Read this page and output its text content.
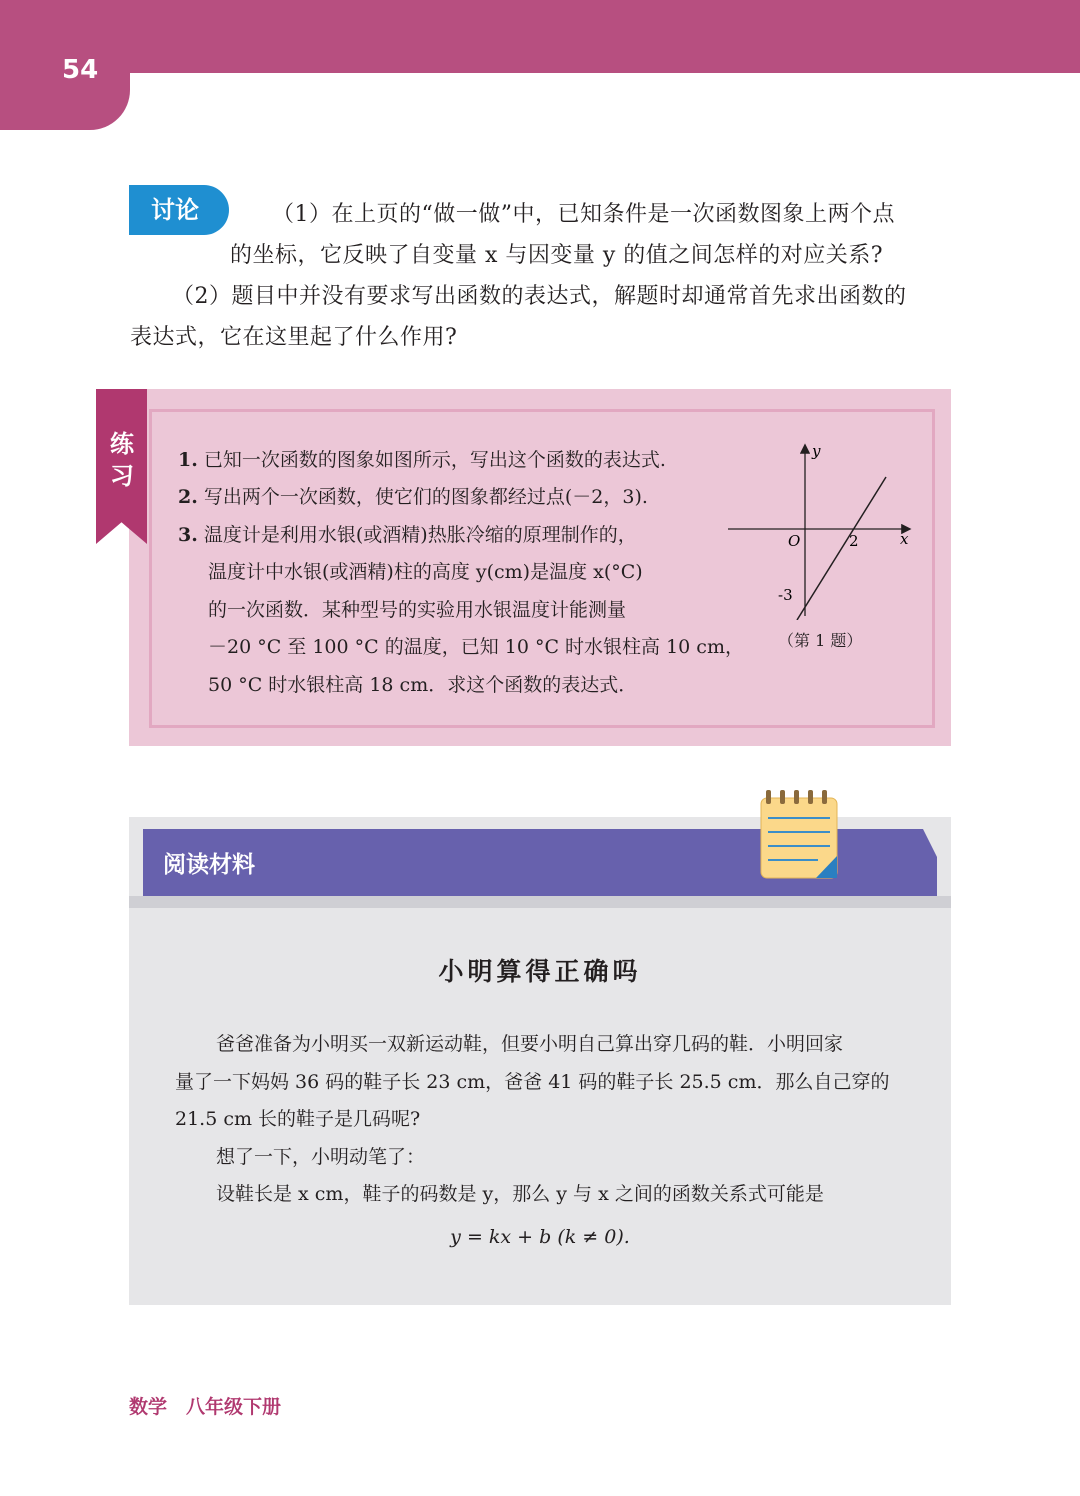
54
讨论	（1）在上页的“做一做”中，已知条件是一次函数图象上两个点
的坐标，它反映了自变量 x 与因变量 y 的值之间怎样的对应关系?
（2）题目中并没有要求写出函数的表达式，解题时却通常首先求出函数的
表达式，它在这里起了什么作用?
练习
1. 已知一次函数的图象如图所示，写出这个函数的表达式.
2. 写出两个一次函数，使它们的图象都经过点(－2，3).
3. 温度计是利用水银(或酒精)热胀冷缩的原理制作的，
温度计中水银(或酒精)柱的高度 y(cm)是温度 x(°C)
的一次函数．某种型号的实验用水银温度计能测量
－20 °C 至 100 °C 的温度，已知 10 °C 时水银柱高 10 cm，
50 °C 时水银柱高 18 cm．求这个函数的表达式．
y
x
O	2
-3
（第 1 题）
阅读材料
小明算得正确吗
爸爸准备为小明买一双新运动鞋，但要小明自己算出穿几码的鞋．小明回家
量了一下妈妈 36 码的鞋子长 23 cm，爸爸 41 码的鞋子长 25.5 cm．那么自己穿的
21.5 cm 长的鞋子是几码呢?
想了一下，小明动笔了：
设鞋长是 x cm，鞋子的码数是 y，那么 y 与 x 之间的函数关系式可能是
y = kx + b (k ≠ 0).
数学　八年级下册
